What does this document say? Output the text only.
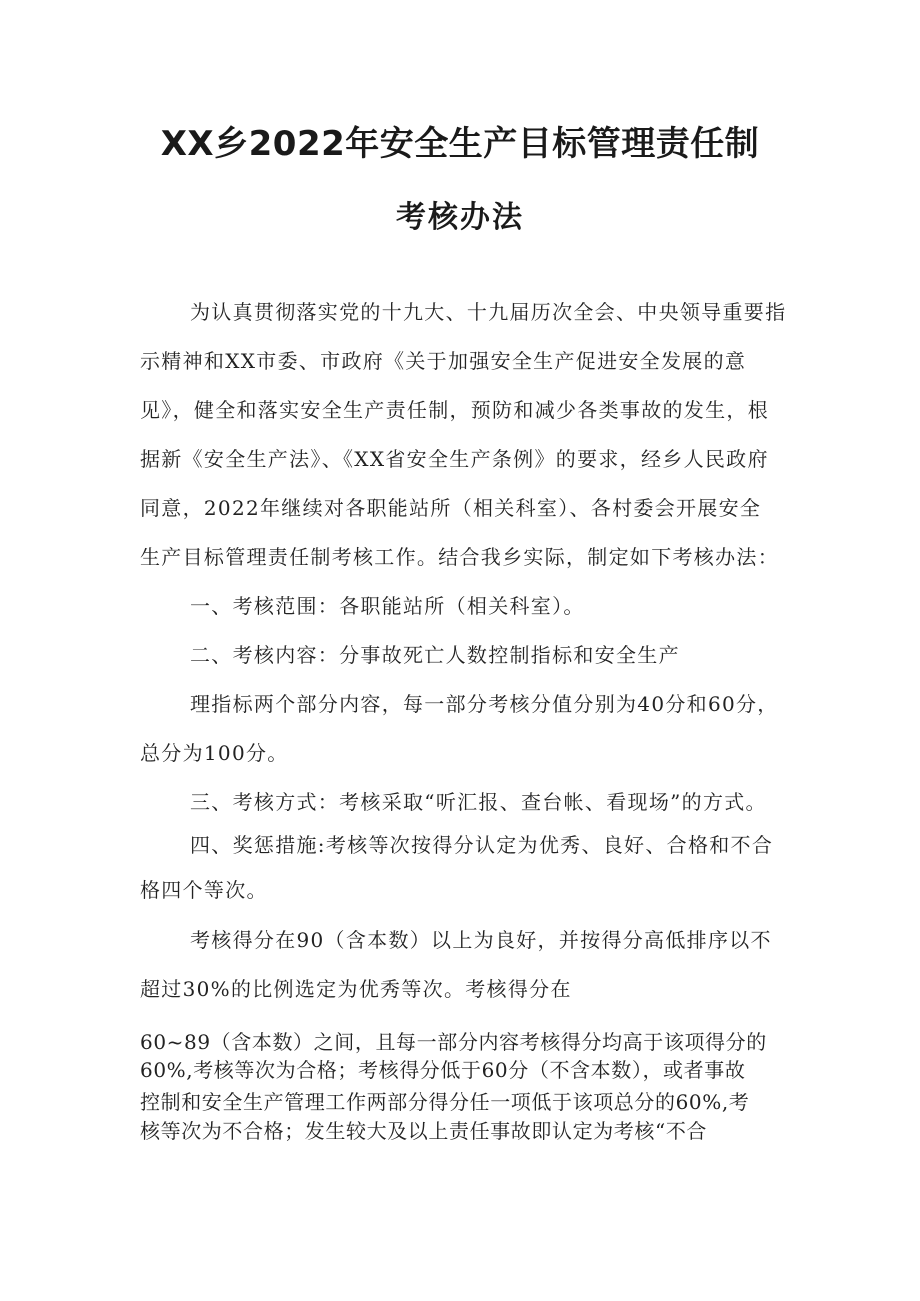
XX乡2022年安全生产目标管理责任制
考核办法
为认真贯彻落实党的十九大、十九届历次全会、中央领导重要指
示精神和XX市委、市政府《关于加强安全生产促进安全发展的意
见》，健全和落实安全生产责任制，预防和减少各类事故的发生，根
据新《安全生产法》、《XX省安全生产条例》的要求，经乡人民政府
同意，2022年继续对各职能站所（相关科室）、各村委会开展安全
生产目标管理责任制考核工作。结合我乡实际，制定如下考核办法：
一、考核范围：各职能站所（相关科室）。
二、考核内容：分事故死亡人数控制指标和安全生产
理指标两个部分内容，每一部分考核分值分别为40分和60分，
总分为100分。
三、考核方式：考核采取“听汇报、查台帐、看现场”的方式。
四、奖惩措施:考核等次按得分认定为优秀、良好、合格和不合
格四个等次。
考核得分在90（含本数）以上为良好，并按得分高低排序以不
超过30%的比例选定为优秀等次。考核得分在
60~89（含本数）之间，且每一部分内容考核得分均高于该项得分的
60%,考核等次为合格；考核得分低于60分（不含本数），或者事故
控制和安全生产管理工作两部分得分任一项低于该项总分的60%,考
核等次为不合格；发生较大及以上责任事故即认定为考核“不合
